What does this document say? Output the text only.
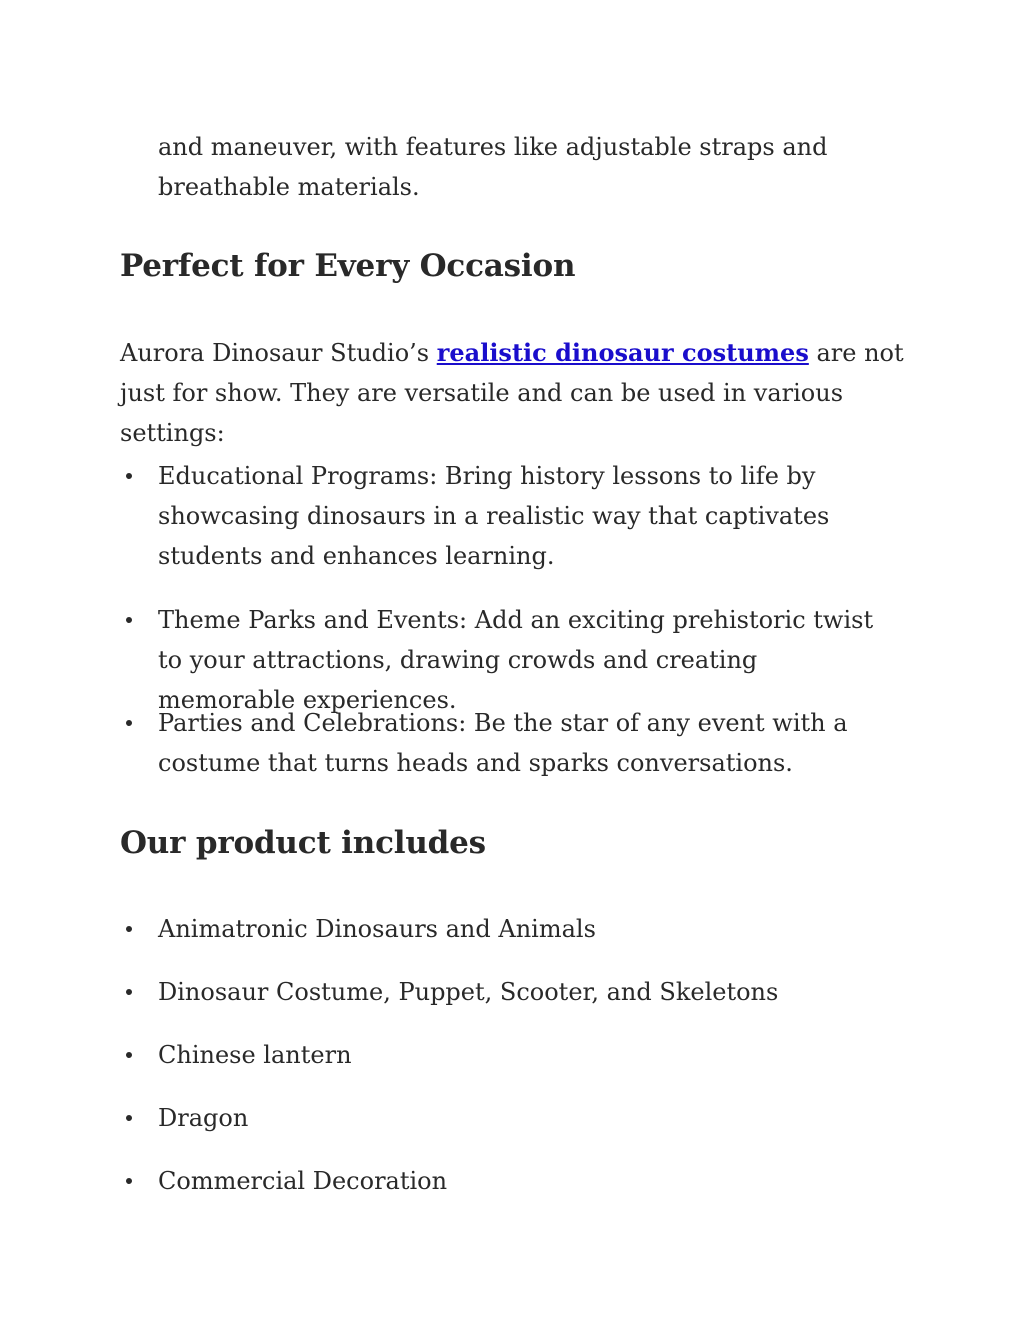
and maneuver, with features like adjustable straps and breathable materials.

Perfect for Every Occasion

Aurora Dinosaur Studio’s realistic dinosaur costumes are not just for show. They are versatile and can be used in various settings:

Educational Programs: Bring history lessons to life by showcasing dinosaurs in a realistic way that captivates students and enhances learning.
Theme Parks and Events: Add an exciting prehistoric twist to your attractions, drawing crowds and creating memorable experiences.
Parties and Celebrations: Be the star of any event with a costume that turns heads and sparks conversations.
Our product includes
Animatronic Dinosaurs and Animals
Dinosaur Costume, Puppet, Scooter, and Skeletons
Chinese lantern
Dragon
Commercial Decoration
